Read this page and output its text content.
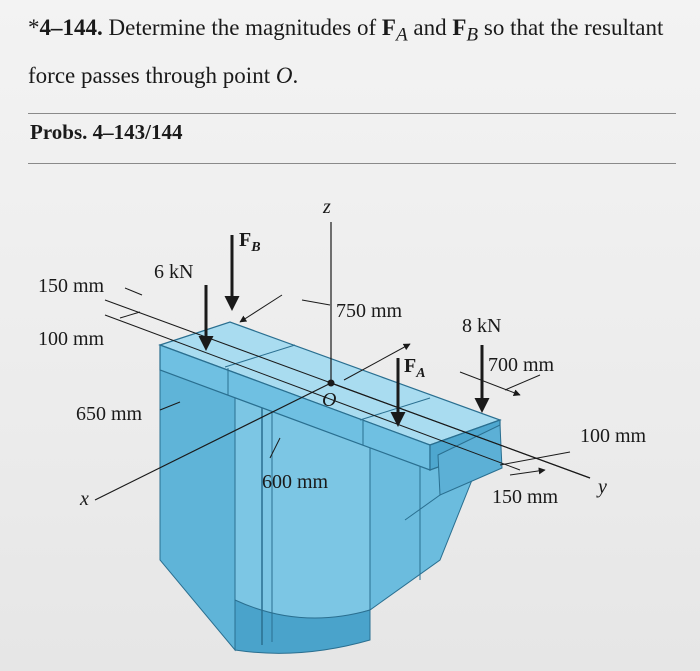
*4–144. Determine the magnitudes of $F_A$ and $F_B$ so that the resultant force passes through point O.
Probs. 4–143/144
z
x
y
O
$F_B$
$F_A$
6 kN
8 kN
150 mm
100 mm
650 mm
750 mm
600 mm
700 mm
100 mm
150 mm
